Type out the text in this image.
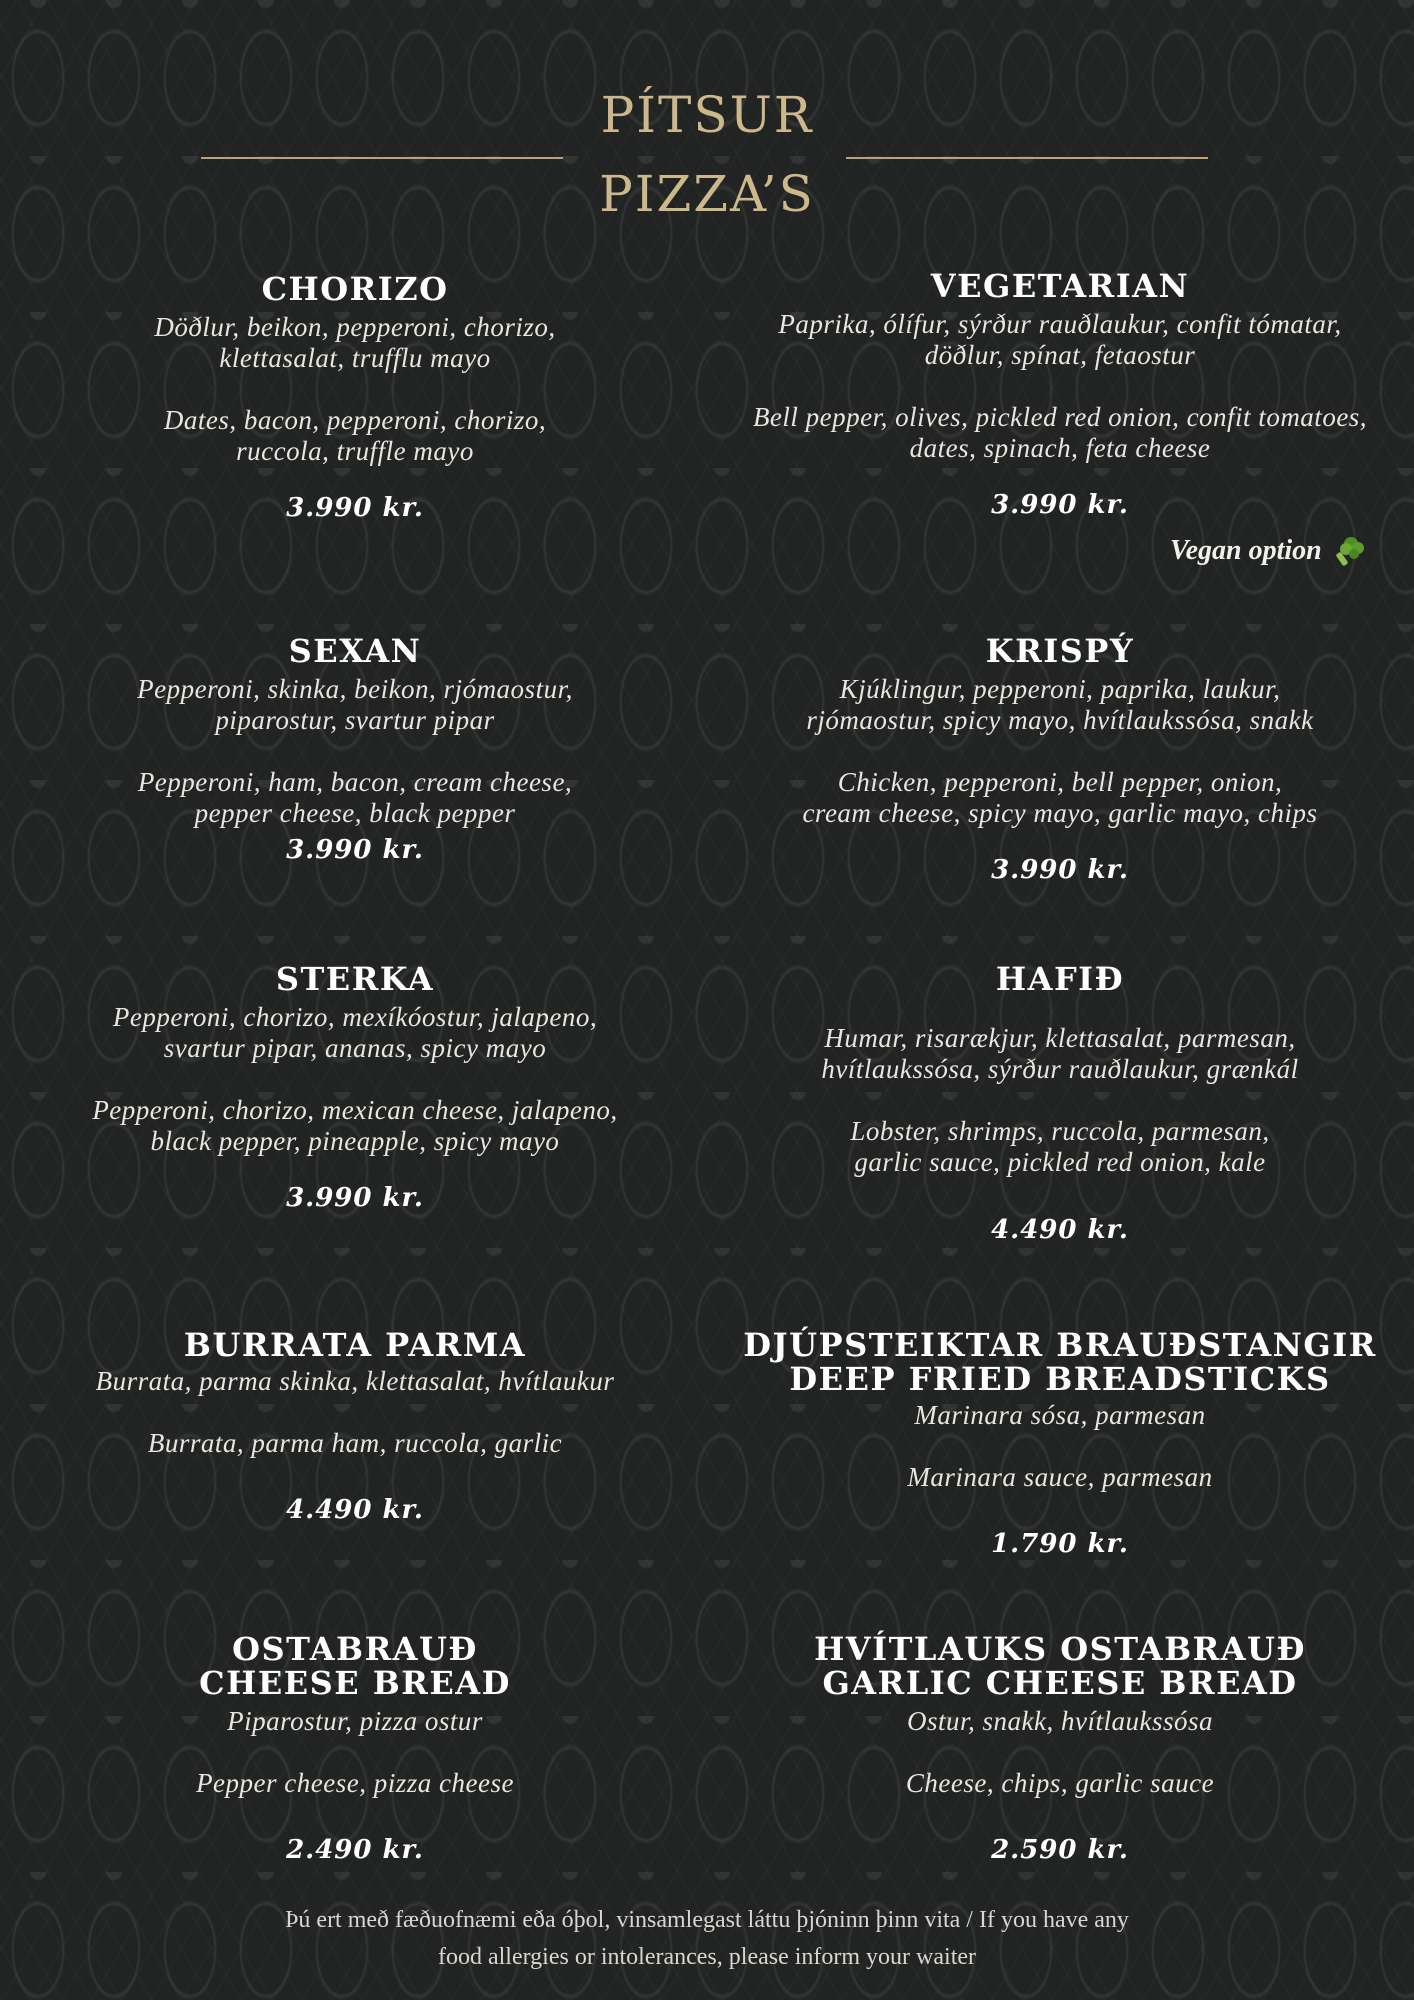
PÍTSUR
PIZZA’S
CHORIZO
Döðlur, beikon, pepperoni, chorizo,
klettasalat, trufflu mayo
Dates, bacon, pepperoni, chorizo,
ruccola, truffle mayo
3.990 kr.
VEGETARIAN
Paprika, ólífur, sýrður rauðlaukur, confit tómatar,
döðlur, spínat, fetaostur
Bell pepper, olives, pickled red onion, confit tomatoes,
dates, spinach, feta cheese
3.990 kr.
Vegan option
SEXAN
Pepperoni, skinka, beikon, rjómaostur,
piparostur, svartur pipar
Pepperoni, ham, bacon, cream cheese,
pepper cheese, black pepper
3.990 kr.
KRISPÝ
Kjúklingur, pepperoni, paprika, laukur,
rjómaostur, spicy mayo, hvítlaukssósa, snakk
Chicken, pepperoni, bell pepper, onion,
cream cheese, spicy mayo, garlic mayo, chips
3.990 kr.
STERKA
Pepperoni, chorizo, mexíkóostur, jalapeno,
svartur pipar, ananas, spicy mayo
Pepperoni, chorizo, mexican cheese, jalapeno,
black pepper, pineapple, spicy mayo
3.990 kr.
HAFIÐ
Humar, risarækjur, klettasalat, parmesan,
hvítlaukssósa, sýrður rauðlaukur, grænkál
Lobster, shrimps, ruccola, parmesan,
garlic sauce, pickled red onion, kale
4.490 kr.
BURRATA PARMA
Burrata, parma skinka, klettasalat, hvítlaukur
Burrata, parma ham, ruccola, garlic
4.490 kr.
DJÚPSTEIKTAR BRAUÐSTANGIR
DEEP FRIED BREADSTICKS
Marinara sósa, parmesan
Marinara sauce, parmesan
1.790 kr.
OSTABRAUÐ
CHEESE BREAD
Piparostur, pizza ostur
Pepper cheese, pizza cheese
2.490 kr.
HVÍTLAUKS OSTABRAUÐ
GARLIC CHEESE BREAD
Ostur, snakk, hvítlaukssósa
Cheese, chips, garlic sauce
2.590 kr.
Þú ert með fæðuofnæmi eða óþol, vinsamlegast láttu þjóninn þinn vita / If you have any
food allergies or intolerances, please inform your waiter
